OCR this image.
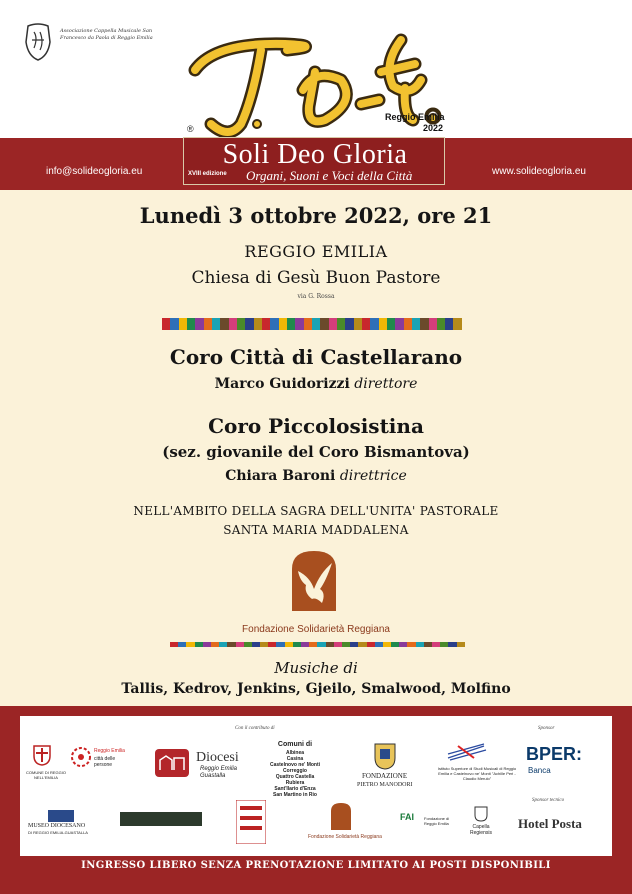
Associazione Cappella Musicale San Francesco da Paola di Reggio Emilia
Reggio Emilia
2022
info@solideogloria.eu	www.solideogloria.eu
®
Soli Deo Gloria
XVIII edizione Organi, Suoni e Voci della Città
Lunedì 3 ottobre 2022, ore 21
REGGIO EMILIA
Chiesa di Gesù Buon Pastore
via G. Rossa
Coro Città di Castellarano
Marco Guidorizzi direttore
Coro Piccolosistina
(sez. giovanile del Coro Bismantova)
Chiara Baroni direttrice
NELL'AMBITO DELLA SAGRA DELL'UNITA' PASTORALE
SANTA MARIA MADDALENA
Fondazione Solidarietà Reggiana
Musiche di
Tallis, Kedrov, Jenkins, Gjeilo, Smalwood, Molfino
Con il contributo di	Sponsor
Sponsor tecnico
COMUNE DI REGGIO NELL'EMILIA
Reggio Emilia
città delle persone	Diocesi
Reggio Emilia
Guastalla
Comuni di
Albinea
Casina
Castelnovo ne' Monti
Correggio
Quattro Castella
Rubiera
Sant'Ilario d'Enza
San Martino in Rio
FONDAZIONE
PIETRO MANODORI
Istituto Superiore di Studi Musicali di Reggio Emilia e Castelnovo ne' Monti "Achille Peri - Claudio Merulo"
BPER:
Banca
MUSEO DIOCESANO
DI REGGIO EMILIA-GUASTALLA
Fondazione Solidarietà Reggiana
FAI Fondazione di Reggio Emilia
Capella Regiensis
Hotel Posta
INGRESSO LIBERO SENZA PRENOTAZIONE LIMITATO AI POSTI DISPONIBILI
